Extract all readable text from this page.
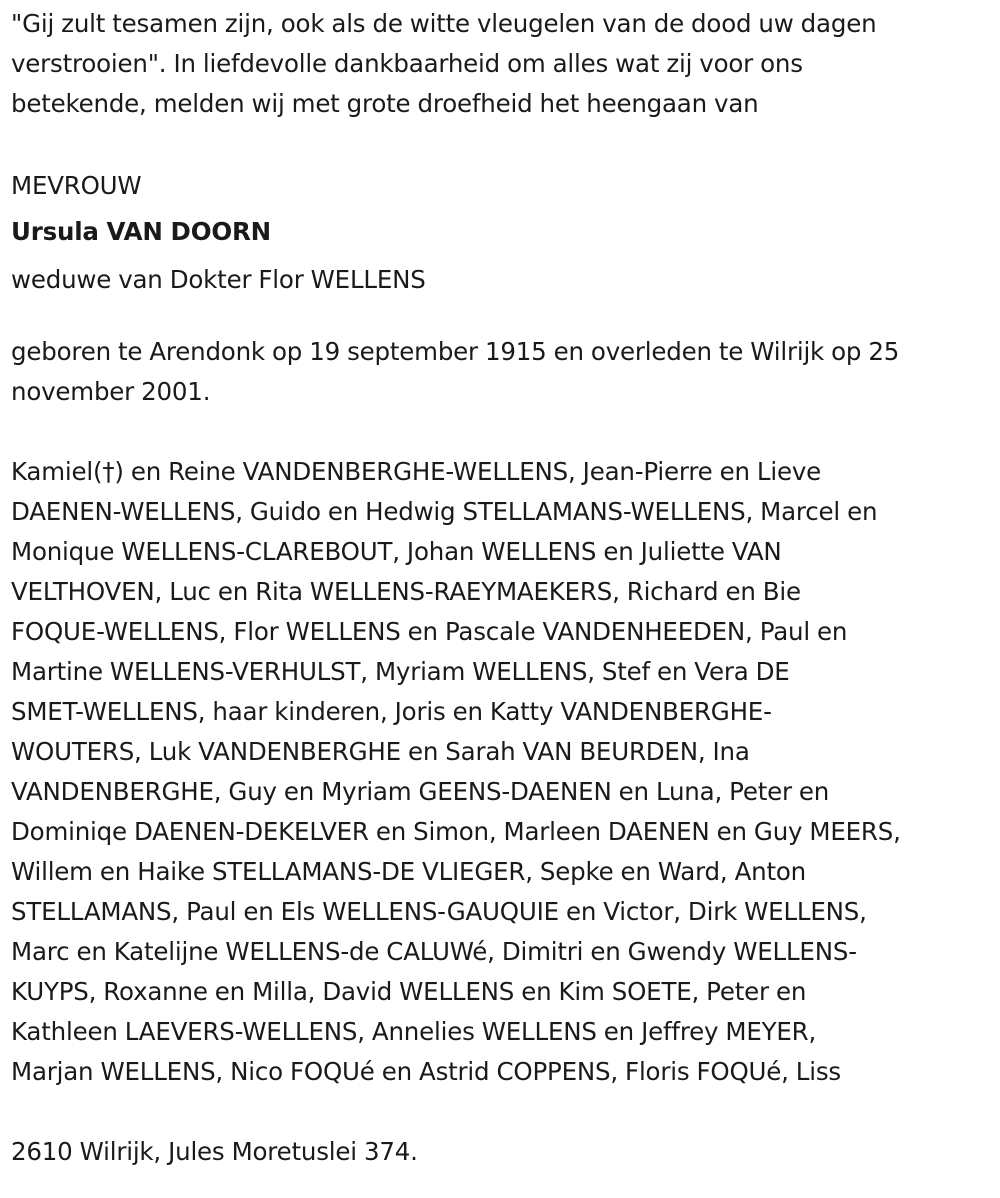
"Gij zult tesamen zijn, ook als de witte vleugelen van de dood uw dagen
verstrooien". In liefdevolle dankbaarheid om alles wat zij voor ons
betekende, melden wij met grote droefheid het heengaan van
MEVROUW
Ursula VAN DOORN
weduwe van Dokter Flor WELLENS
geboren te Arendonk op 19 september 1915 en overleden te Wilrijk op 25
november 2001.
Kamiel(†) en Reine VANDENBERGHE-WELLENS, Jean-Pierre en Lieve
DAENEN-WELLENS, Guido en Hedwig STELLAMANS-WELLENS, Marcel en
Monique WELLENS-CLAREBOUT, Johan WELLENS en Juliette VAN
VELTHOVEN, Luc en Rita WELLENS-RAEYMAEKERS, Richard en Bie
FOQUE-WELLENS, Flor WELLENS en Pascale VANDENHEEDEN, Paul en
Martine WELLENS-VERHULST, Myriam WELLENS, Stef en Vera DE
SMET-WELLENS, haar kinderen, Joris en Katty VANDENBERGHE-
WOUTERS, Luk VANDENBERGHE en Sarah VAN BEURDEN, Ina
VANDENBERGHE, Guy en Myriam GEENS-DAENEN en Luna, Peter en
Dominiqe DAENEN-DEKELVER en Simon, Marleen DAENEN en Guy MEERS,
Willem en Haike STELLAMANS-DE VLIEGER, Sepke en Ward, Anton
STELLAMANS, Paul en Els WELLENS-GAUQUIE en Victor, Dirk WELLENS,
Marc en Katelijne WELLENS-de CALUWé, Dimitri en Gwendy WELLENS-
KUYPS, Roxanne en Milla, David WELLENS en Kim SOETE, Peter en
Kathleen LAEVERS-WELLENS, Annelies WELLENS en Jeffrey MEYER,
Marjan WELLENS, Nico FOQUé en Astrid COPPENS, Floris FOQUé, Liss
2610 Wilrijk, Jules Moretuslei 374.
